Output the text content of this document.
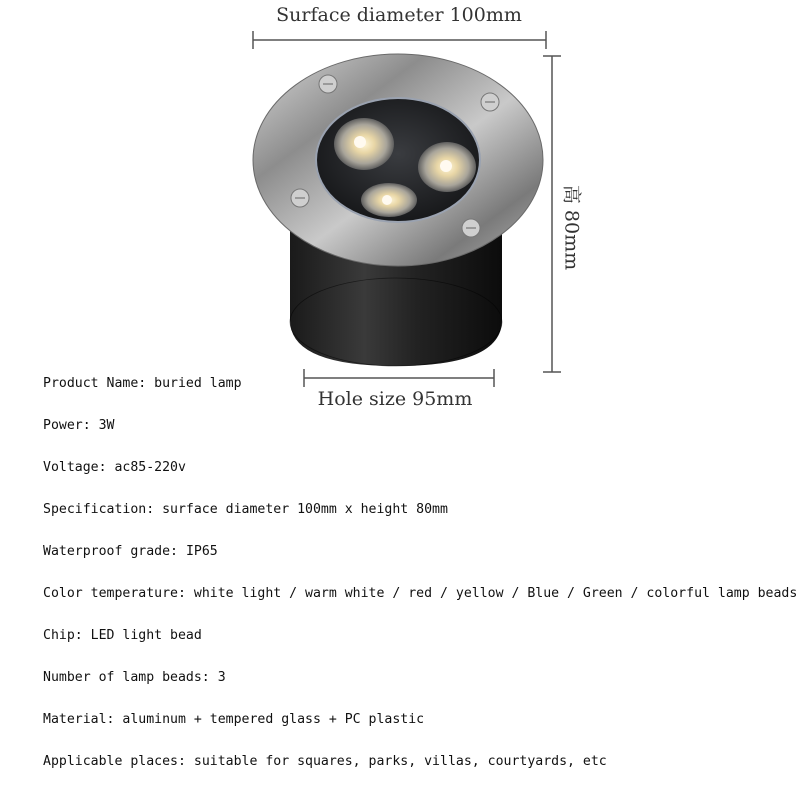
Surface diameter 100mm
高 80mm
Hole size 95mm
Product Name: buried lamp
Power: 3W
Voltage: ac85-220v
Specification: surface diameter 100mm x height 80mm
Waterproof grade: IP65
Color temperature: white light / warm white / red / yellow / Blue / Green / colorful lamp beads
Chip: LED light bead
Number of lamp beads: 3
Material: aluminum + tempered glass + PC plastic
Applicable places: suitable for squares, parks, villas, courtyards, etc
